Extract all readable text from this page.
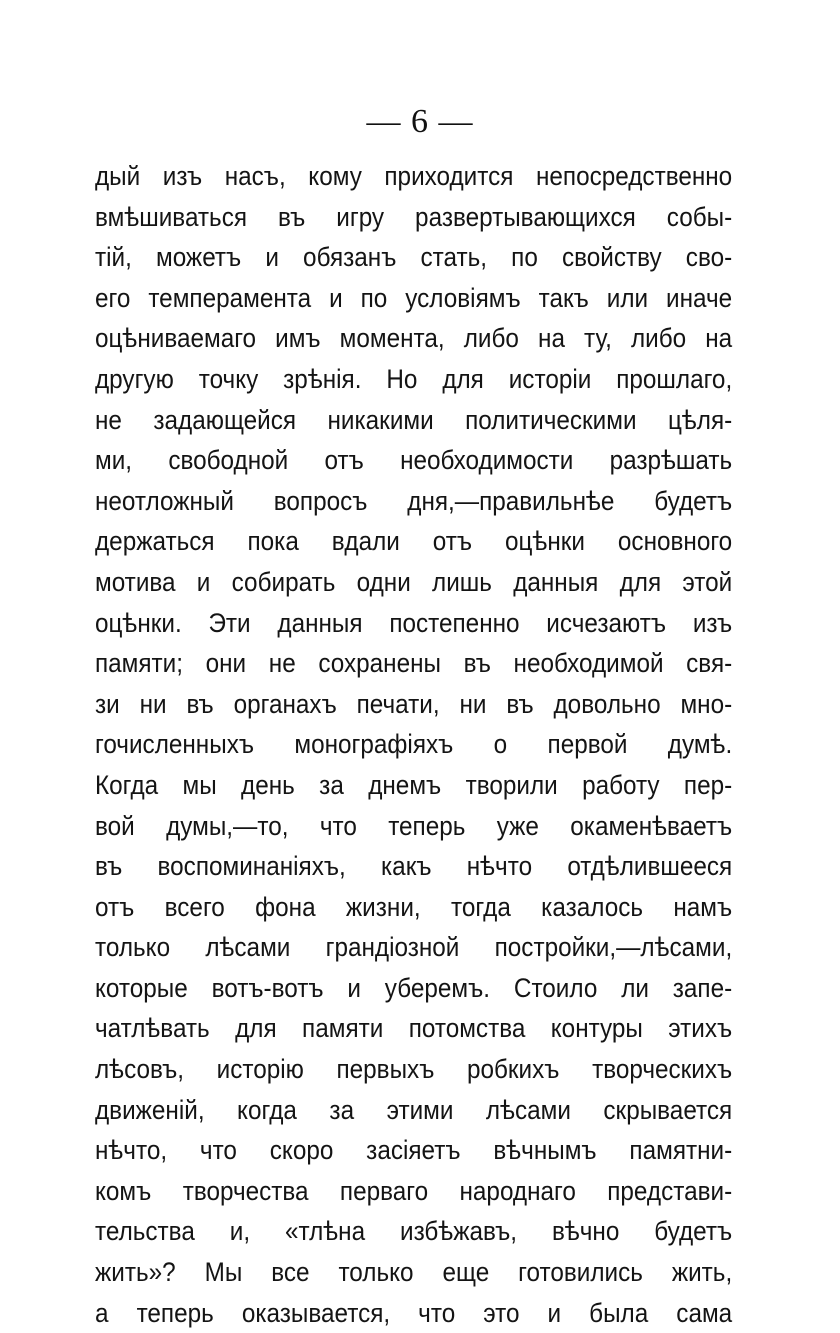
— 6 —
дый изъ насъ, кому приходится непосредственно
вмѣшиваться въ игру развертывающихся собы-
тій, можетъ и обязанъ стать, по свойству сво-
его темперамента и по условіямъ такъ или иначе
оцѣниваемаго имъ момента, либо на ту, либо на
другую точку зрѣнія. Но для исторіи прошлаго,
не задающейся никакими политическими цѣля-
ми, свободной отъ необходимости разрѣшать
неотложный вопросъ дня,—правильнѣе будетъ
держаться пока вдали отъ оцѣнки основного
мотива и собирать одни лишь данныя для этой
оцѣнки. Эти данныя постепенно исчезаютъ изъ
памяти; они не сохранены въ необходимой свя-
зи ни въ органахъ печати, ни въ довольно мно-
гочисленныхъ монографіяхъ о первой думѣ.
Когда мы день за днемъ творили работу пер-
вой думы,—то, что теперь уже окаменѣваетъ
въ воспоминаніяхъ, какъ нѣчто отдѣлившееся
отъ всего фона жизни, тогда казалось намъ
только лѣсами грандіозной постройки,—лѣсами,
которые вотъ-вотъ и уберемъ. Стоило ли запе-
чатлѣвать для памяти потомства контуры этихъ
лѣсовъ, исторію первыхъ робкихъ творческихъ
движеній, когда за этими лѣсами скрывается
нѣчто, что скоро засіяетъ вѣчнымъ памятни-
комъ творчества перваго народнаго представи-
тельства и, «тлѣна избѣжавъ, вѣчно будетъ
жить»? Мы все только еще готовились жить,
а теперь оказывается, что это и была сама
